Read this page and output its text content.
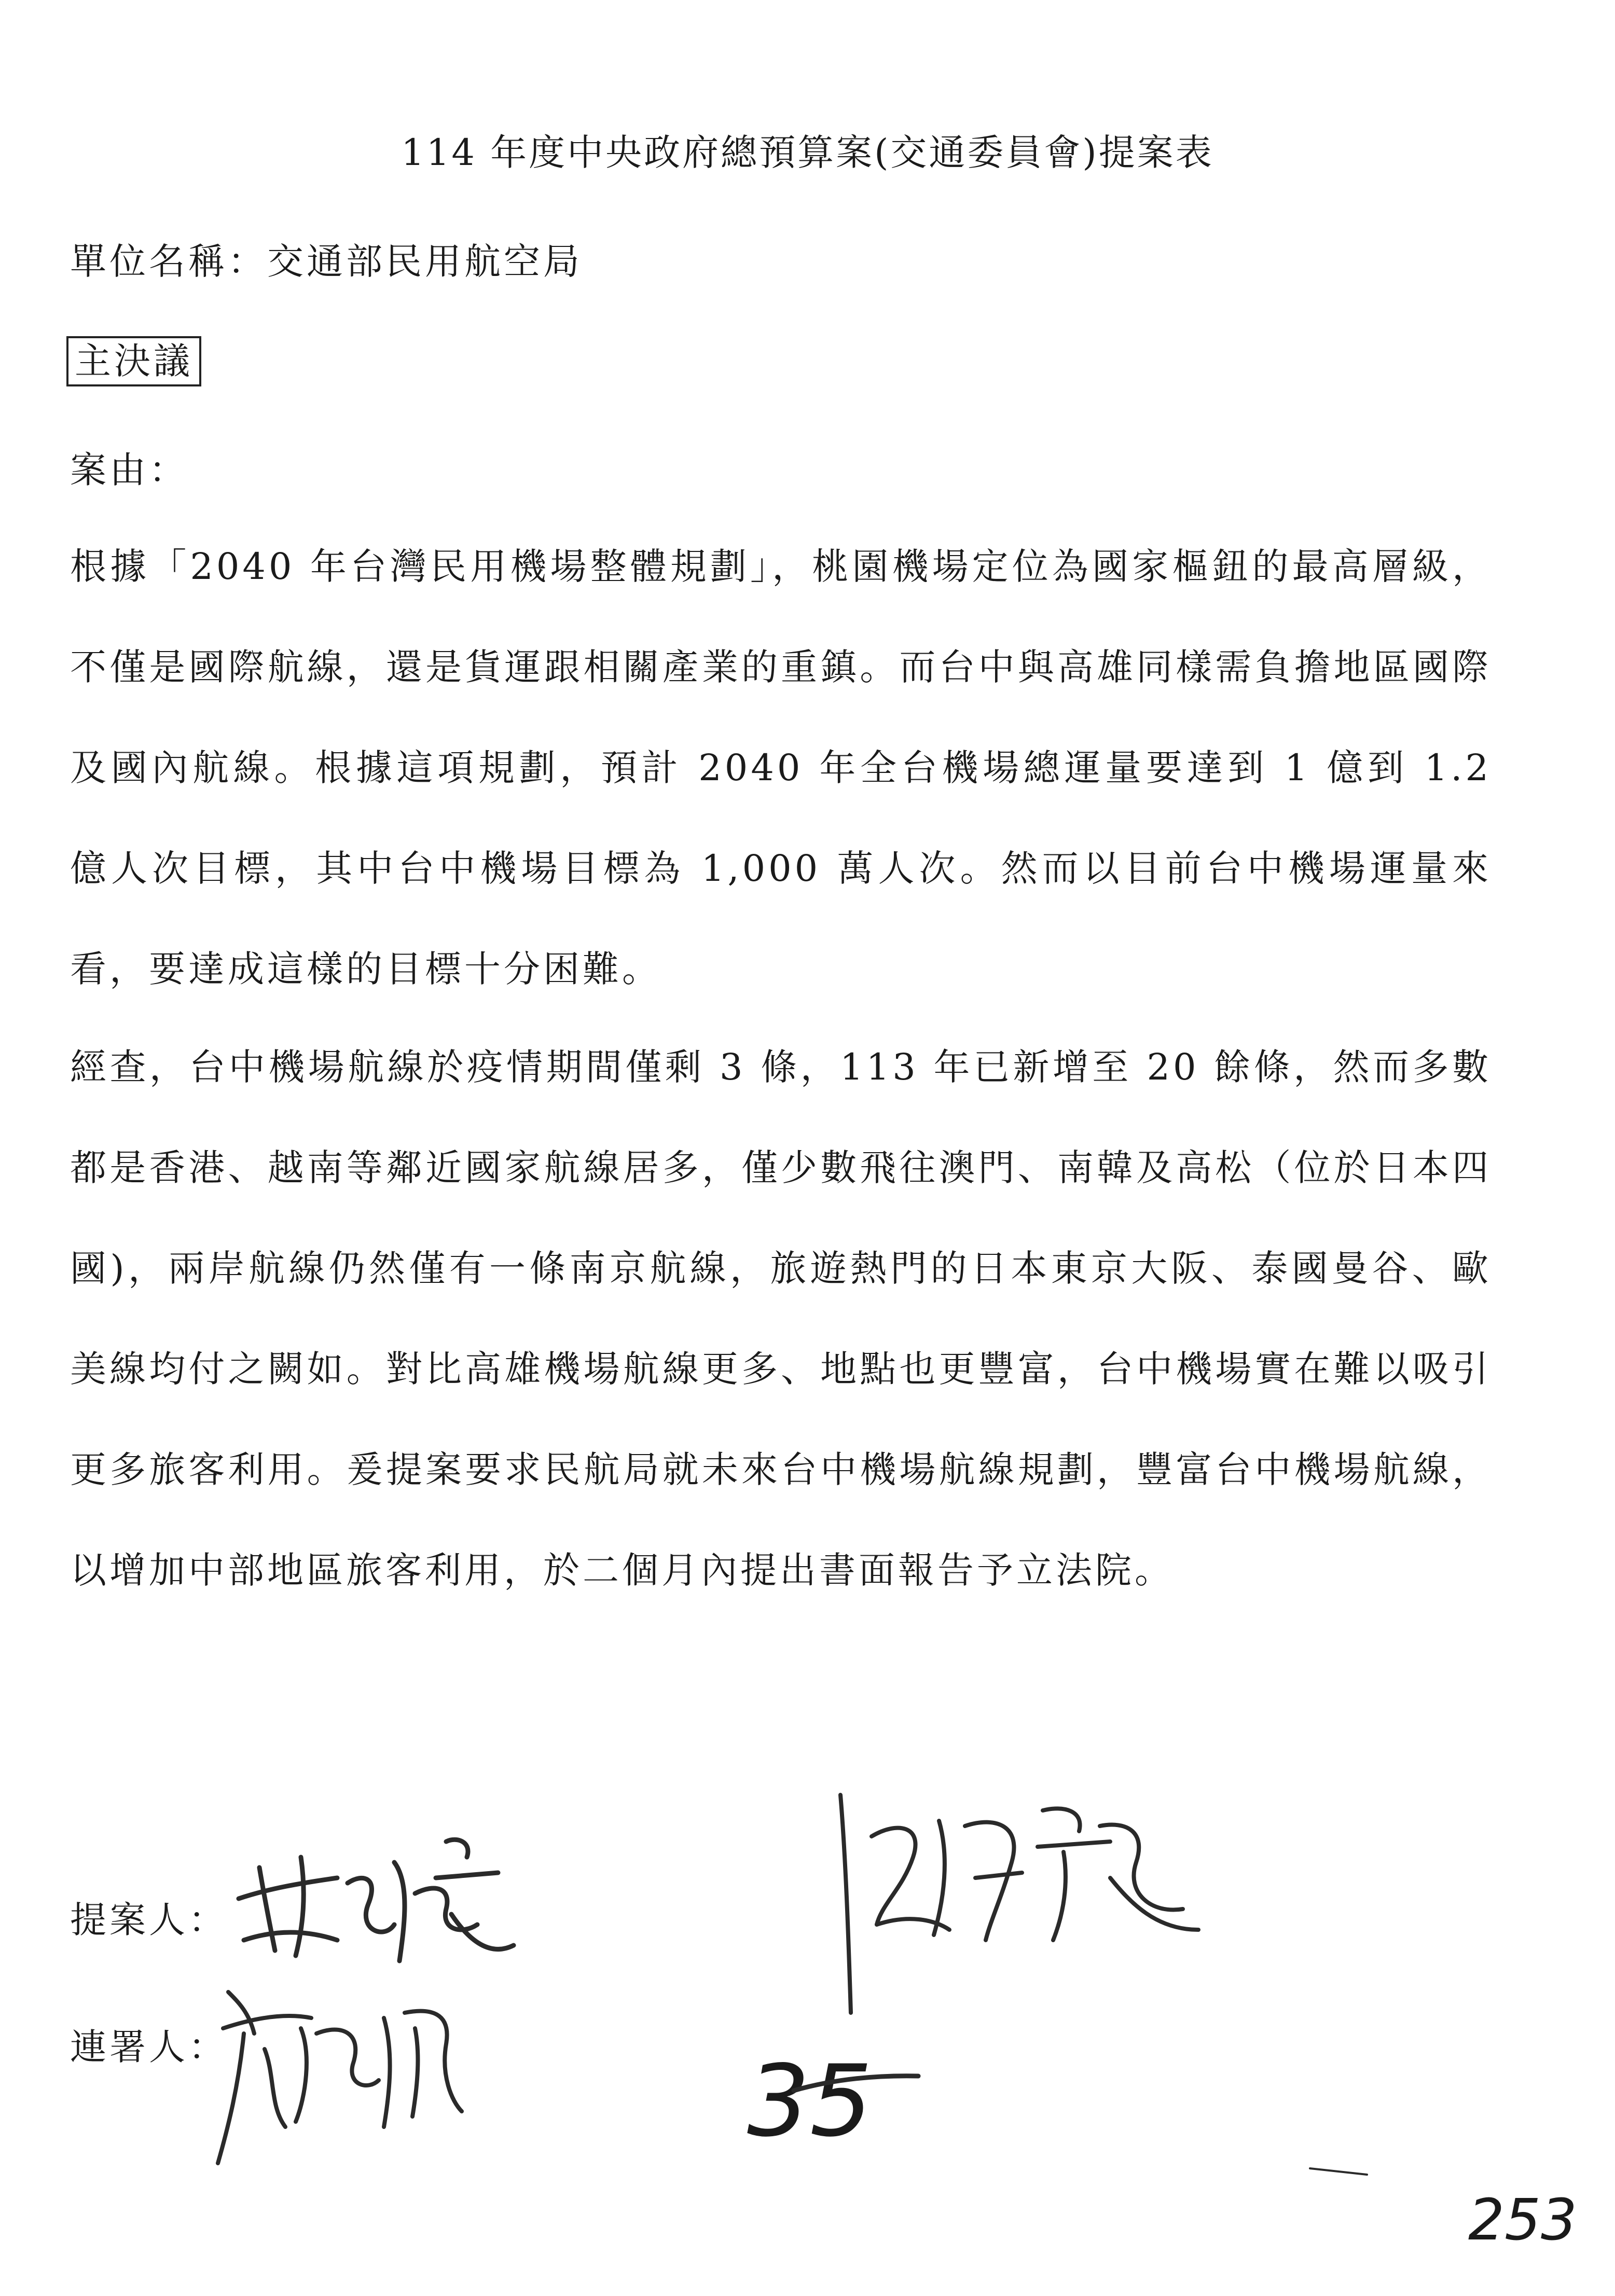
114 年度中央政府總預算案(交通委員會)提案表
單位名稱：交通部民用航空局
主決議
案由：
根據「2040 年台灣民用機場整體規劃」，桃園機場定位為國家樞鈕的最高層級，不僅是國際航線，還是貨運跟相關產業的重鎮。而台中與高雄同樣需負擔地區國際及國內航線。根據這項規劃，預計 2040 年全台機場總運量要達到 1 億到 1.2 億人次目標，其中台中機場目標為 1,000 萬人次。然而以目前台中機場運量來看，要達成這樣的目標十分困難。
經查，台中機場航線於疫情期間僅剩 3 條，113 年已新增至 20 餘條，然而多數都是香港、越南等鄰近國家航線居多，僅少數飛往澳門、南韓及高松（位於日本四國)，兩岸航線仍然僅有一條南京航線，旅遊熱門的日本東京大阪、泰國曼谷、歐美線均付之闕如。對比高雄機場航線更多、地點也更豐富，台中機場實在難以吸引更多旅客利用。爰提案要求民航局就未來台中機場航線規劃，豐富台中機場航線，以增加中部地區旅客利用，於二個月內提出書面報告予立法院。
提案人：
連署人：	35
253
